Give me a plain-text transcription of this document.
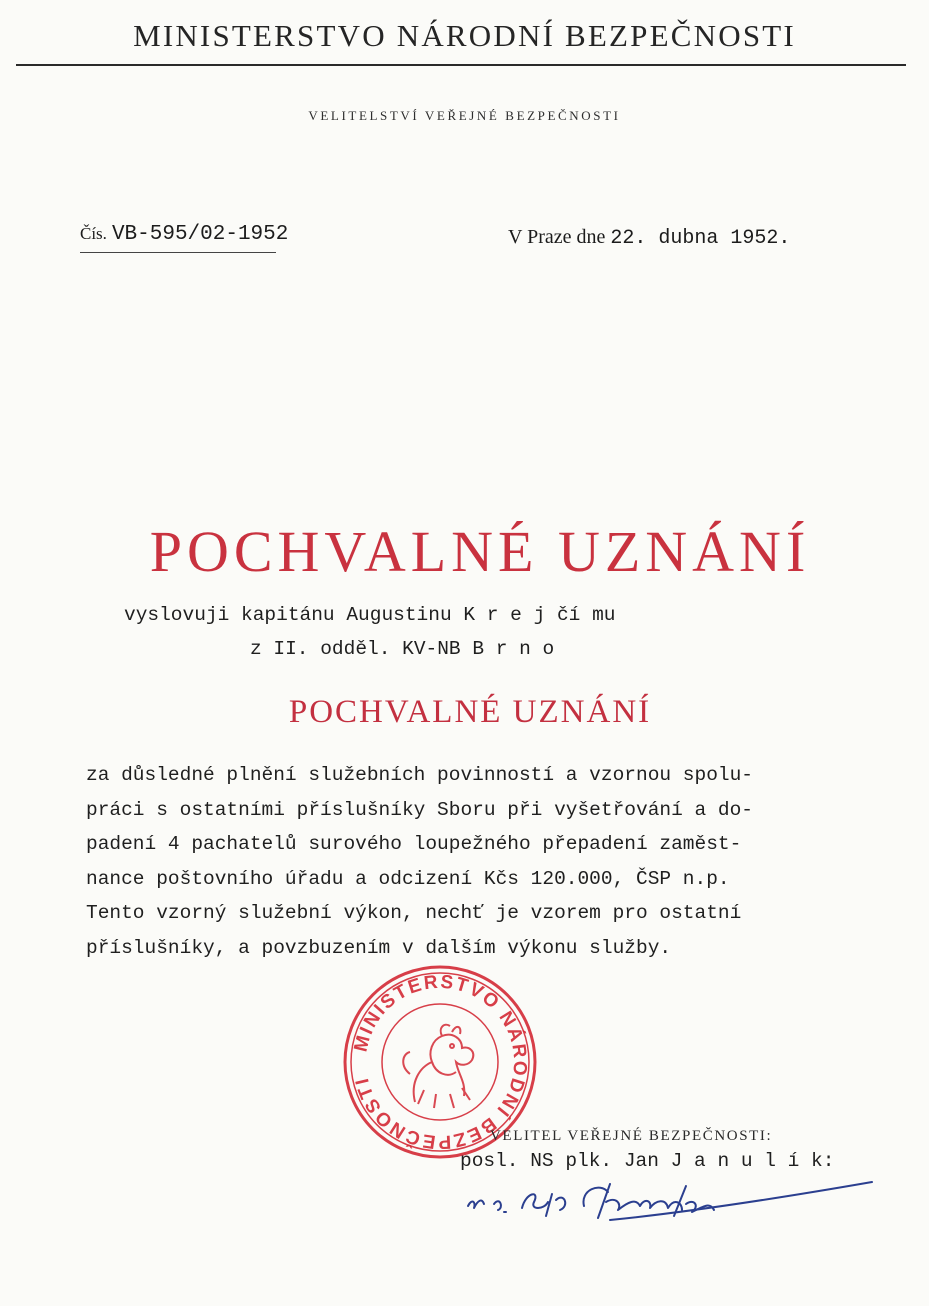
MINISTERSTVO NÁRODNÍ BEZPEČNOSTI
VELITELSTVÍ VEŘEJNÉ BEZPEČNOSTI
Čís. VB-595/02-1952	V Praze dne 22. dubna 1952.
POCHVALNÉ UZNÁNÍ
vyslovuji kapitánu Augustinu K r e j čí mu
z II. odděl. KV-NB B r n o
POCHVALNÉ UZNÁNÍ
za důsledné plnění služebních povinností a vzornou spolu-
práci s ostatními příslušníky Sboru při vyšetřování a do-
padení 4 pachatelů surového loupežného přepadení zaměst-
nance poštovního úřadu a odcizení Kčs 120.000, ČSP n.p.
Tento vzorný služební výkon, nechť je vzorem pro ostatní
příslušníky, a povzbuzením v dalším výkonu služby.
MINISTERSTVO NÁRODNÍ BEZPEČNOSTI
VELITEL VEŘEJNÉ BEZPEČNOSTI:
posl. NS plk. Jan J a n u l í k:
